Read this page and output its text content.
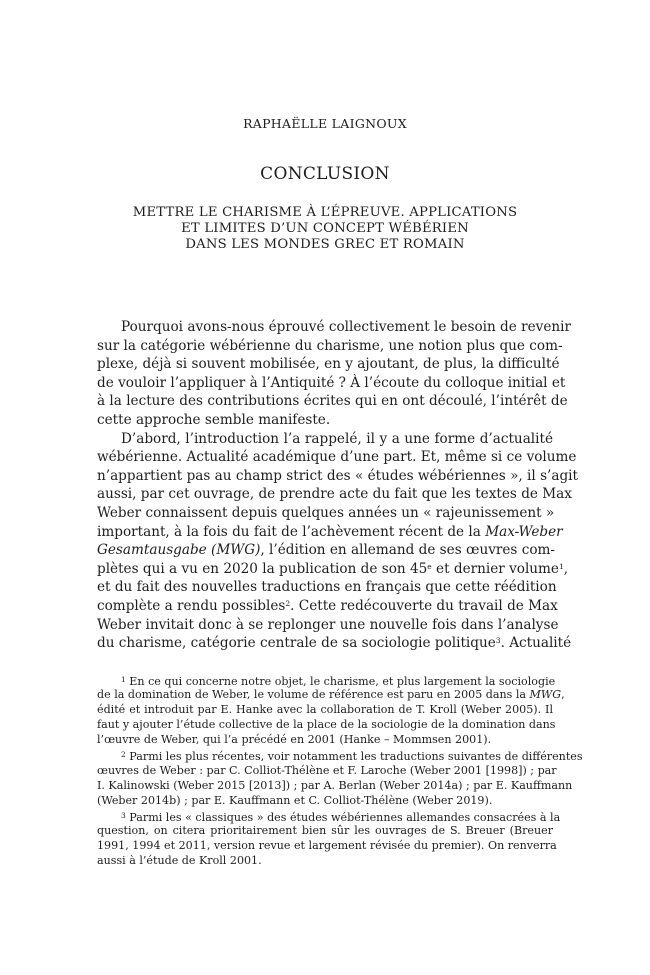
RAPHAËLLE LAIGNOUX
CONCLUSION
METTRE LE CHARISME À L’ÉPREUVE. APPLICATIONS
ET LIMITES D’UN CONCEPT WÉBÉRIEN
DANS LES MONDES GREC ET ROMAIN
Pourquoi avons-nous éprouvé collectivement le besoin de revenir
sur la catégorie wébérienne du charisme, une notion plus que com-
plexe, déjà si souvent mobilisée, en y ajoutant, de plus, la difficulté
de vouloir l’appliquer à l’Antiquité ? À l’écoute du colloque initial et
à la lecture des contributions écrites qui en ont découlé, l’intérêt de
cette approche semble manifeste.
D’abord, l’introduction l’a rappelé, il y a une forme d’actualité
wébérienne. Actualité académique d’une part. Et, même si ce volume
n’appartient pas au champ strict des « études wébériennes », il s’agit
aussi, par cet ouvrage, de prendre acte du fait que les textes de Max
Weber connaissent depuis quelques années un « rajeunissement »
important, à la fois du fait de l’achèvement récent de la Max-Weber
Gesamtausgabe (MWG), l’édition en allemand de ses œuvres com-
plètes qui a vu en 2020 la publication de son 45e et dernier volume$^1$,
et du fait des nouvelles traductions en français que cette réédition
complète a rendu possibles$^2$. Cette redécouverte du travail de Max
Weber invitait donc à se replonger une nouvelle fois dans l’analyse
du charisme, catégorie centrale de sa sociologie politique$^3$. Actualité
$^1$ En ce qui concerne notre objet, le charisme, et plus largement la sociologie
de la domination de Weber, le volume de référence est paru en 2005 dans la MWG,
édité et introduit par E. Hanke avec la collaboration de T. Kroll (Weber 2005). Il
faut y ajouter l’étude collective de la place de la sociologie de la domination dans
l’œuvre de Weber, qui l’a précédé en 2001 (Hanke – Mommsen 2001).
$^2$ Parmi les plus récentes, voir notamment les traductions suivantes de différentes
œuvres de Weber : par C. Colliot-Thélène et F. Laroche (Weber 2001 [1998]) ; par
I. Kalinowski (Weber 2015 [2013]) ; par A. Berlan (Weber 2014a) ; par E. Kauffmann
(Weber 2014b) ; par E. Kauffmann et C. Colliot-Thélène (Weber 2019).
$^3$ Parmi les « classiques » des études wébériennes allemandes consacrées à la
question, on citera prioritairement bien sûr les ouvrages de S. Breuer (Breuer
1991, 1994 et 2011, version revue et largement révisée du premier). On renverra
aussi à l’étude de Kroll 2001.
